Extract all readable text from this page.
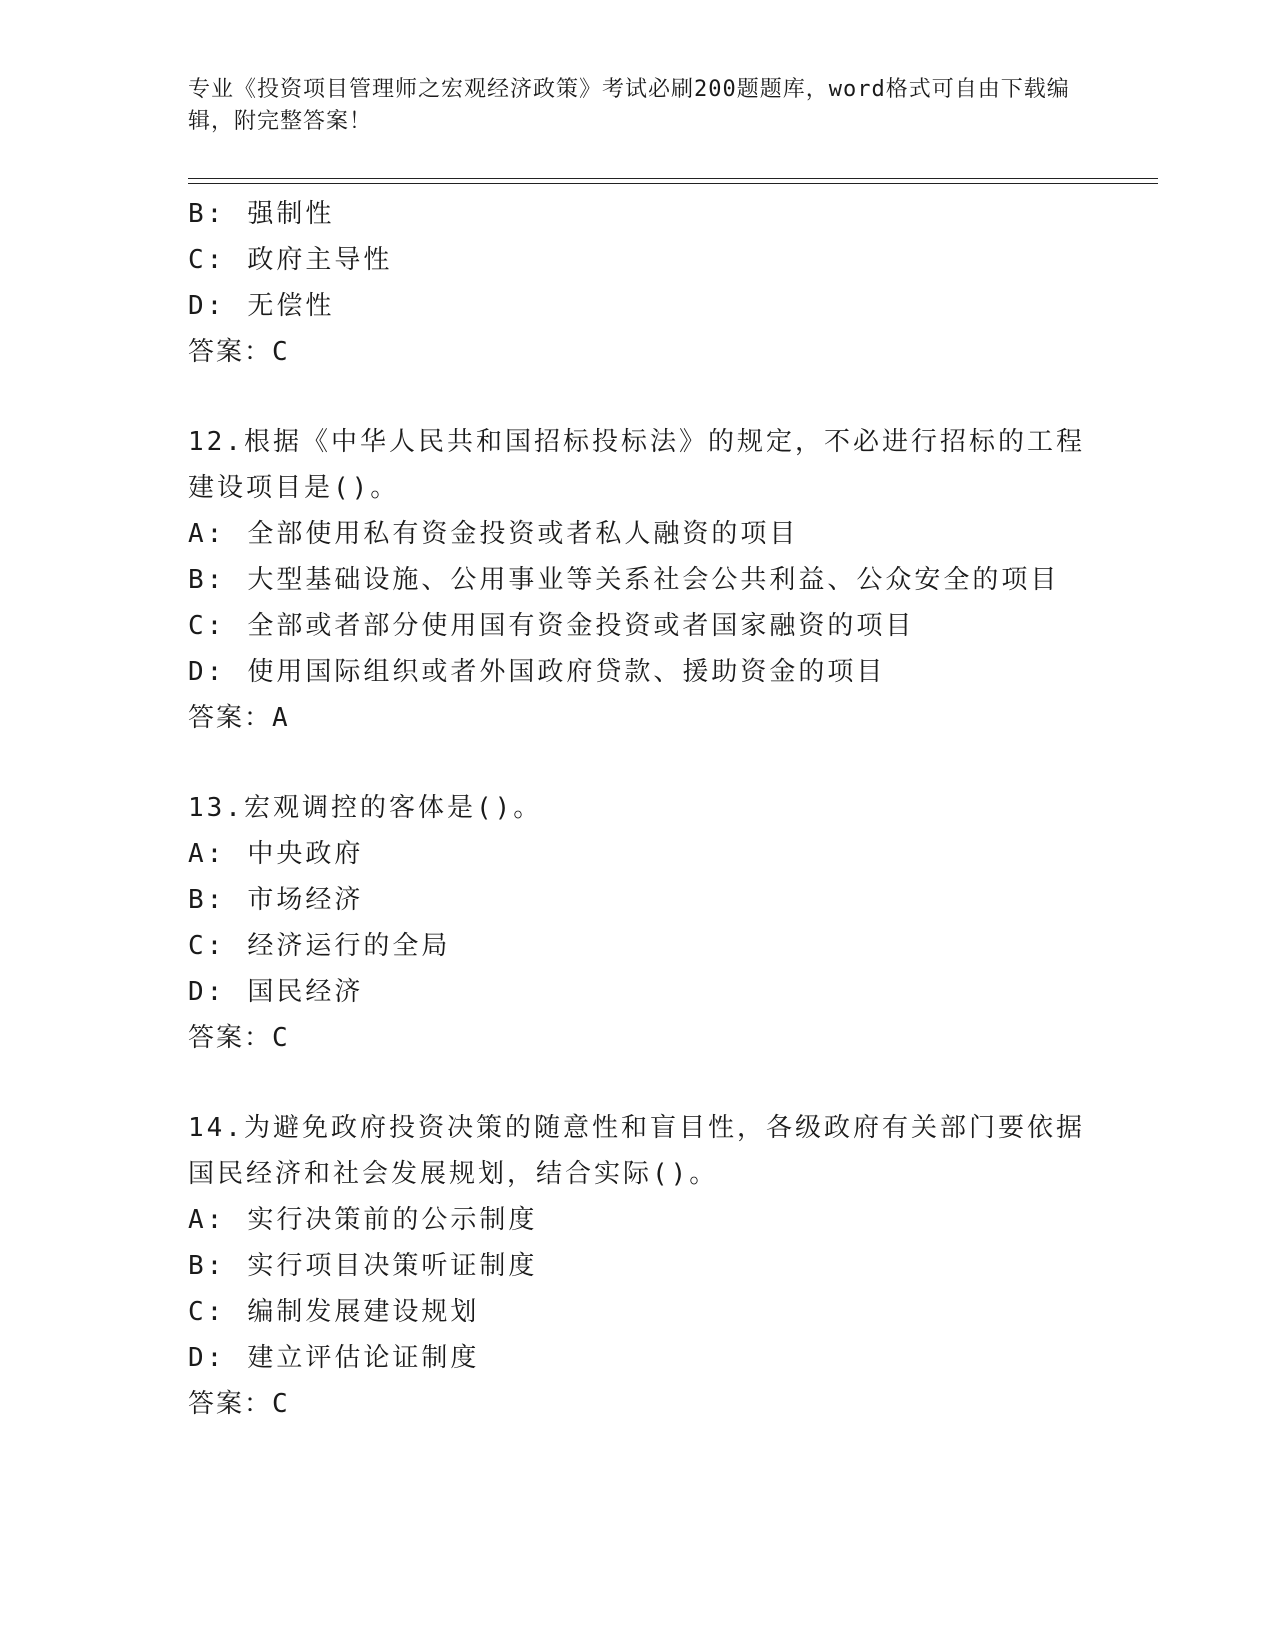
专业《投资项目管理师之宏观经济政策》考试必刷200题题库，word格式可自由下载编辑，附完整答案！
B: 强制性
C: 政府主导性
D: 无偿性
答案：C
12.根据《中华人民共和国招标投标法》的规定，不必进行招标的工程
建设项目是()。
A: 全部使用私有资金投资或者私人融资的项目
B: 大型基础设施、公用事业等关系社会公共利益、公众安全的项目
C: 全部或者部分使用国有资金投资或者国家融资的项目
D: 使用国际组织或者外国政府贷款、援助资金的项目
答案：A
13.宏观调控的客体是()。
A: 中央政府
B: 市场经济
C: 经济运行的全局
D: 国民经济
答案：C
14.为避免政府投资决策的随意性和盲目性，各级政府有关部门要依据
国民经济和社会发展规划，结合实际()。
A: 实行决策前的公示制度
B: 实行项目决策听证制度
C: 编制发展建设规划
D: 建立评估论证制度
答案：C
